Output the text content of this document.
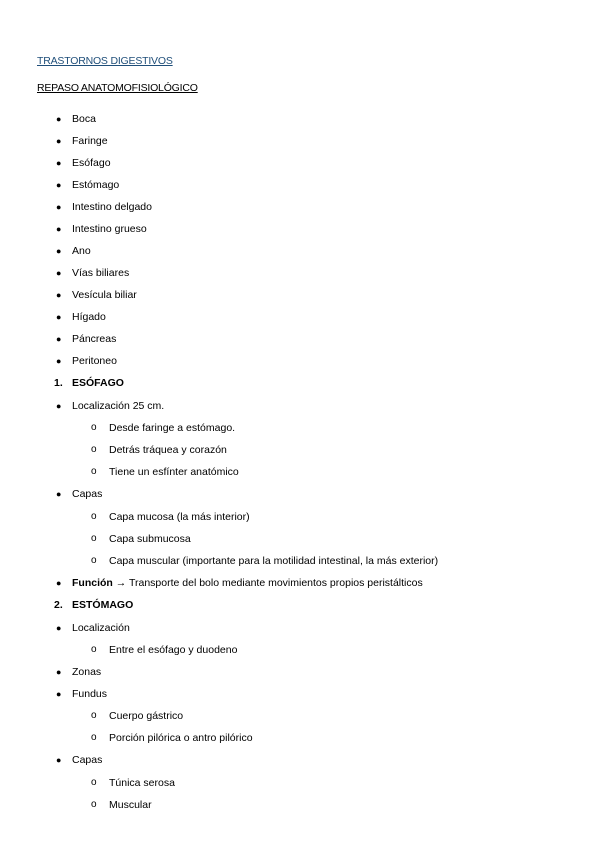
TRASTORNOS DIGESTIVOS
REPASO ANATOMOFISIOLÓGICO
● Boca
● Faringe
● Esófago
● Estómago
● Intestino delgado
● Intestino grueso
● Ano
● Vías biliares
● Vesícula biliar
● Hígado
● Páncreas
● Peritoneo
1. ESÓFAGO
● Localización 25 cm.
o Desde faringe a estómago.
o Detrás tráquea y corazón
o Tiene un esfínter anatómico
● Capas
o Capa mucosa (la más interior)
o Capa submucosa
o Capa muscular (importante para la motilidad intestinal, la más exterior)
● Función → Transporte del bolo mediante movimientos propios peristálticos
2. ESTÓMAGO
● Localización
o Entre el esófago y duodeno
● Zonas
● Fundus
o Cuerpo gástrico
o Porción pilórica o antro pilórico
● Capas
o Túnica serosa
o Muscular
